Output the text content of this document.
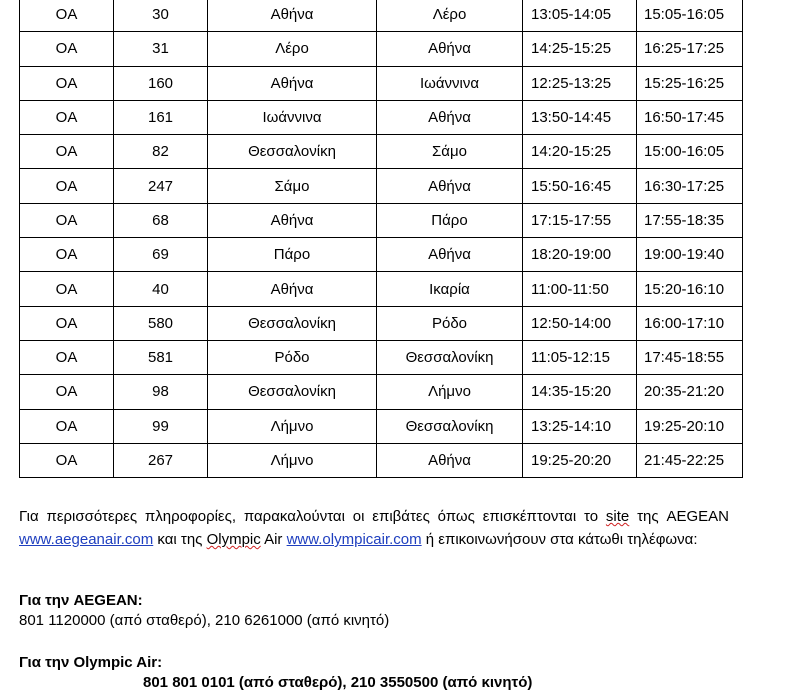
OA	30	Αθήνα	Λέρο	13:05-14:05	15:05-16:05
OA	31	Λέρο	Αθήνα	14:25-15:25	16:25-17:25
OA	160	Αθήνα	Ιωάννινα	12:25-13:25	15:25-16:25
OA	161	Ιωάννινα	Αθήνα	13:50-14:45	16:50-17:45
OA	82	Θεσσαλονίκη	Σάμο	14:20-15:25	15:00-16:05
OA	247	Σάμο	Αθήνα	15:50-16:45	16:30-17:25
OA	68	Αθήνα	Πάρο	17:15-17:55	17:55-18:35
OA	69	Πάρο	Αθήνα	18:20-19:00	19:00-19:40
OA	40	Αθήνα	Ικαρία	11:00-11:50	15:20-16:10
OA	580	Θεσσαλονίκη	Ρόδο	12:50-14:00	16:00-17:10
OA	581	Ρόδο	Θεσσαλονίκη	11:05-12:15	17:45-18:55
OA	98	Θεσσαλονίκη	Λήμνο	14:35-15:20	20:35-21:20
OA	99	Λήμνο	Θεσσαλονίκη	13:25-14:10	19:25-20:10
OA	267	Λήμνο	Αθήνα	19:25-20:20	21:45-22:25
Για περισσότερες πληροφορίες, παρακαλούνται οι επιβάτες όπως επισκέπτονται το site της AEGEAN www.aegeanair.com και της Olympic Air www.olympicair.com ή επικοινωνήσουν στα κάτωθι τηλέφωνα:
Για την AEGEAN:
801 1120000 (από σταθερό), 210 6261000 (από κινητό)
Για την Olympic Air:
801 801 0101 (από σταθερό), 210 3550500 (από κινητό)
